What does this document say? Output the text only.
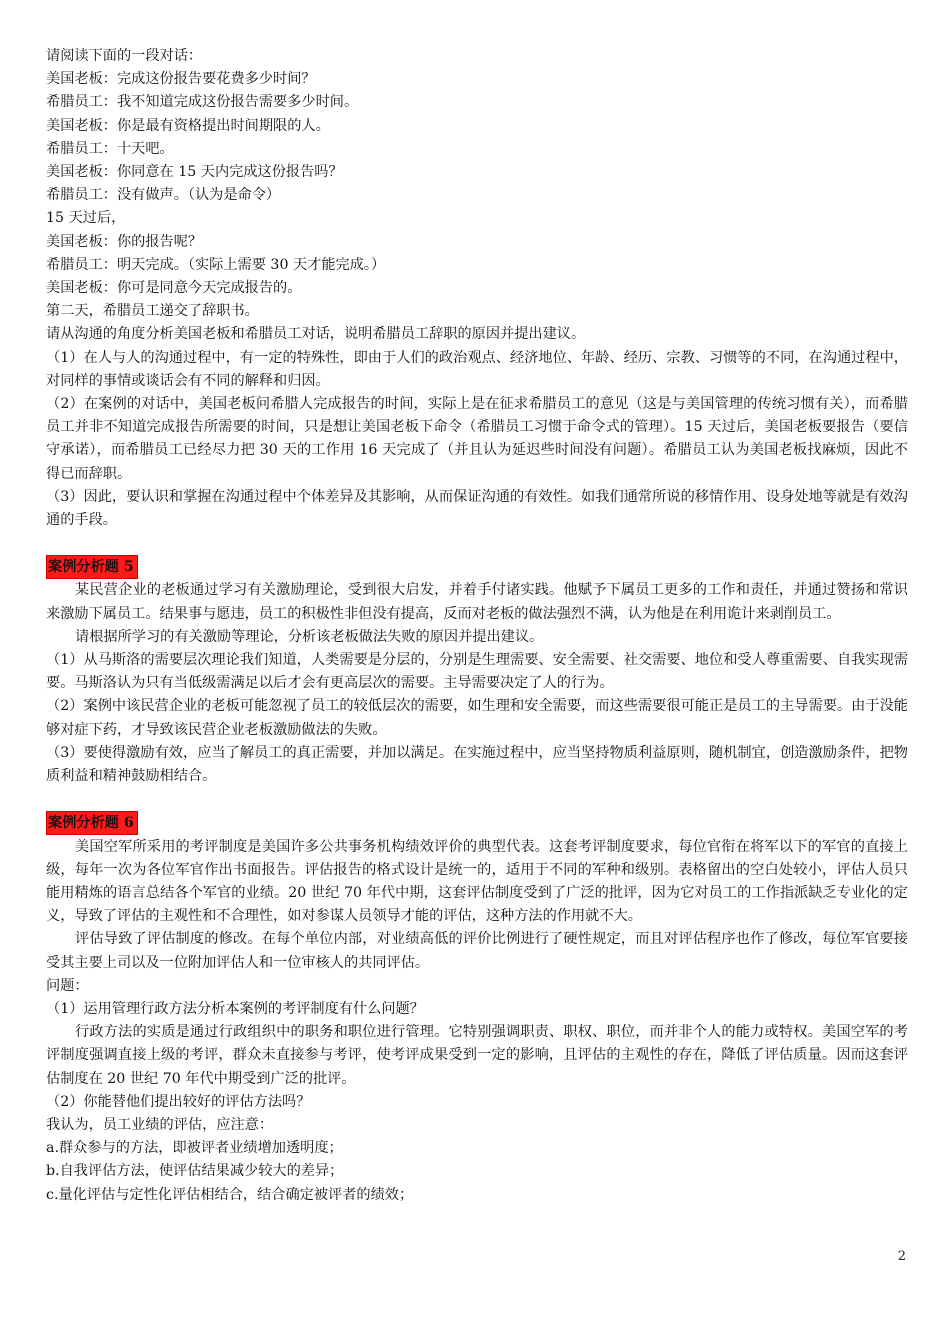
请阅读下面的一段对话：
美国老板：完成这份报告要花费多少时间？
希腊员工：我不知道完成这份报告需要多少时间。
美国老板：你是最有资格提出时间期限的人。
希腊员工：十天吧。
美国老板：你同意在 15 天内完成这份报告吗？
希腊员工：没有做声。（认为是命令）
15 天过后，
美国老板：你的报告呢？
希腊员工：明天完成。（实际上需要 30 天才能完成。）
美国老板：你可是同意今天完成报告的。
第二天，希腊员工递交了辞职书。
请从沟通的角度分析美国老板和希腊员工对话，说明希腊员工辞职的原因并提出建议。
（1）在人与人的沟通过程中，有一定的特殊性，即由于人们的政治观点、经济地位、年龄、经历、宗教、习惯等的不同，在沟通过程中，对同样的事情或谈话会有不同的解释和归因。
（2）在案例的对话中，美国老板问希腊人完成报告的时间，实际上是在征求希腊员工的意见（这是与美国管理的传统习惯有关），而希腊员工并非不知道完成报告所需要的时间，只是想让美国老板下命令（希腊员工习惯于命令式的管理）。15 天过后，美国老板要报告（要信守承诺），而希腊员工已经尽力把 30 天的工作用 16 天完成了（并且认为延迟些时间没有问题）。希腊员工认为美国老板找麻烦，因此不得已而辞职。
（3）因此，要认识和掌握在沟通过程中个体差异及其影响，从而保证沟通的有效性。如我们通常所说的移情作用、设身处地等就是有效沟通的手段。
案例分析题 5
某民营企业的老板通过学习有关激励理论，受到很大启发，并着手付诸实践。他赋予下属员工更多的工作和责任，并通过赞扬和常识来激励下属员工。结果事与愿违，员工的积极性非但没有提高，反而对老板的做法强烈不满，认为他是在利用诡计来剥削员工。
请根据所学习的有关激励等理论，分析该老板做法失败的原因并提出建议。
（1）从马斯洛的需要层次理论我们知道，人类需要是分层的，分别是生理需要、安全需要、社交需要、地位和受人尊重需要、自我实现需要。马斯洛认为只有当低级需满足以后才会有更高层次的需要。主导需要决定了人的行为。
（2）案例中该民营企业的老板可能忽视了员工的较低层次的需要，如生理和安全需要，而这些需要很可能正是员工的主导需要。由于没能够对症下药，才导致该民营企业老板激励做法的失败。
（3）要使得激励有效，应当了解员工的真正需要，并加以满足。在实施过程中，应当坚持物质利益原则，随机制宜，创造激励条件，把物质利益和精神鼓励相结合。
案例分析题 6
美国空军所采用的考评制度是美国许多公共事务机构绩效评价的典型代表。这套考评制度要求，每位官衔在将军以下的军官的直接上级，每年一次为各位军官作出书面报告。评估报告的格式设计是统一的，适用于不同的军种和级别。表格留出的空白处较小，评估人员只能用精炼的语言总结各个军官的业绩。20 世纪 70 年代中期，这套评估制度受到了广泛的批评，因为它对员工的工作指派缺乏专业化的定义，导致了评估的主观性和不合理性，如对参谋人员领导才能的评估，这种方法的作用就不大。
评估导致了评估制度的修改。在每个单位内部，对业绩高低的评价比例进行了硬性规定，而且对评估程序也作了修改，每位军官要接受其主要上司以及一位附加评估人和一位审核人的共同评估。
问题：
（1）运用管理行政方法分析本案例的考评制度有什么问题？
行政方法的实质是通过行政组织中的职务和职位进行管理。它特别强调职责、职权、职位，而并非个人的能力或特权。美国空军的考评制度强调直接上级的考评，群众未直接参与考评，使考评成果受到一定的影响，且评估的主观性的存在，降低了评估质量。因而这套评估制度在 20 世纪 70 年代中期受到广泛的批评。
（2）你能替他们提出较好的评估方法吗？
我认为，员工业绩的评估，应注意：
a.群众参与的方法，即被评者业绩增加透明度；
b.自我评估方法，使评估结果减少较大的差异；
c.量化评估与定性化评估相结合，结合确定被评者的绩效；
2
